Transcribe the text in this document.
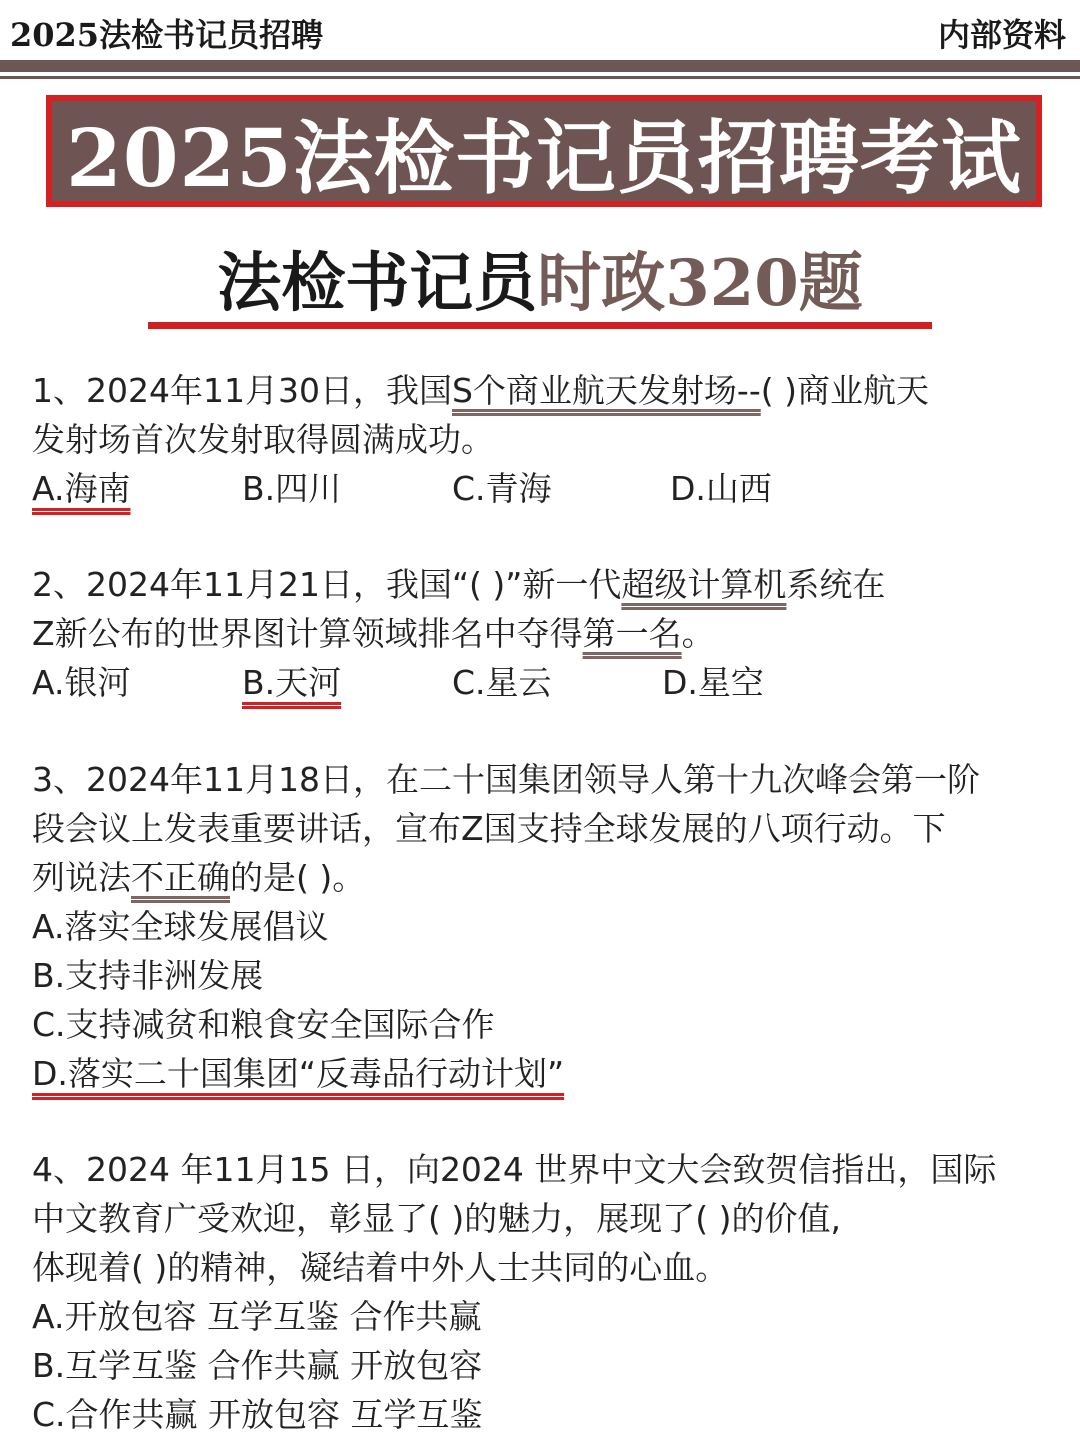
2025法检书记员招聘	内部资料
2025法检书记员招聘考试
法检书记员时政320题
1、2024年11月30日，我国S个商业航天发射场--( )商业航天
发射场首次发射取得圆满成功。
A.海南	B.四川	C.青海	D.山西
2、2024年11月21日，我国“( )”新一代超级计算机系统在
Z新公布的世界图计算领域排名中夺得第一名。
A.银河	B.天河	C.星云	D.星空
3、2024年11月18日，在二十国集团领导人第十九次峰会第一阶
段会议上发表重要讲话，宣布Z国支持全球发展的八项行动。下
列说法不正确的是( )。
A.落实全球发展倡议
B.支持非洲发展
C.支持减贫和粮食安全国际合作
D.落实二十国集团“反毒品行动计划”
4、2024 年11月15 日，向2024 世界中文大会致贺信指出，国际
中文教育广受欢迎，彰显了( )的魅力，展现了( )的价值,
体现着( )的精神，凝结着中外人士共同的心血。
A.开放包容 互学互鉴 合作共赢
B.互学互鉴 合作共赢 开放包容
C.合作共赢 开放包容 互学互鉴
